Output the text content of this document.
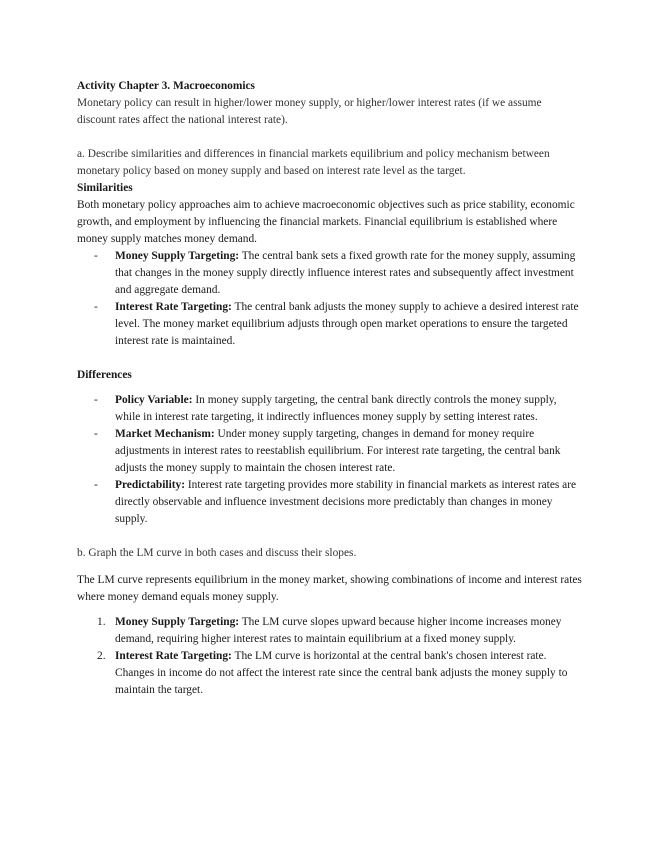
Activity Chapter 3. Macroeconomics

Monetary policy can result in higher/lower money supply, or higher/lower interest rates (if we assume discount rates affect the national interest rate).

a. Describe similarities and differences in financial markets equilibrium and policy mechanism between monetary policy based on money supply and based on interest rate level as the target.

Similarities

Both monetary policy approaches aim to achieve macroeconomic objectives such as price stability, economic growth, and employment by influencing the financial markets. Financial equilibrium is established where money supply matches money demand.

- Money Supply Targeting: The central bank sets a fixed growth rate for the money supply, assuming that changes in the money supply directly influence interest rates and subsequently affect investment and aggregate demand.
- Interest Rate Targeting: The central bank adjusts the money supply to achieve a desired interest rate level. The money market equilibrium adjusts through open market operations to ensure the targeted interest rate is maintained.

Differences

- Policy Variable: In money supply targeting, the central bank directly controls the money supply, while in interest rate targeting, it indirectly influences money supply by setting interest rates.
- Market Mechanism: Under money supply targeting, changes in demand for money require adjustments in interest rates to reestablish equilibrium. For interest rate targeting, the central bank adjusts the money supply to maintain the chosen interest rate.
- Predictability: Interest rate targeting provides more stability in financial markets as interest rates are directly observable and influence investment decisions more predictably than changes in money supply.

b. Graph the LM curve in both cases and discuss their slopes.

The LM curve represents equilibrium in the money market, showing combinations of income and interest rates where money demand equals money supply.

1. Money Supply Targeting: The LM curve slopes upward because higher income increases money demand, requiring higher interest rates to maintain equilibrium at a fixed money supply.
2. Interest Rate Targeting: The LM curve is horizontal at the central bank's chosen interest rate. Changes in income do not affect the interest rate since the central bank adjusts the money supply to maintain the target.
